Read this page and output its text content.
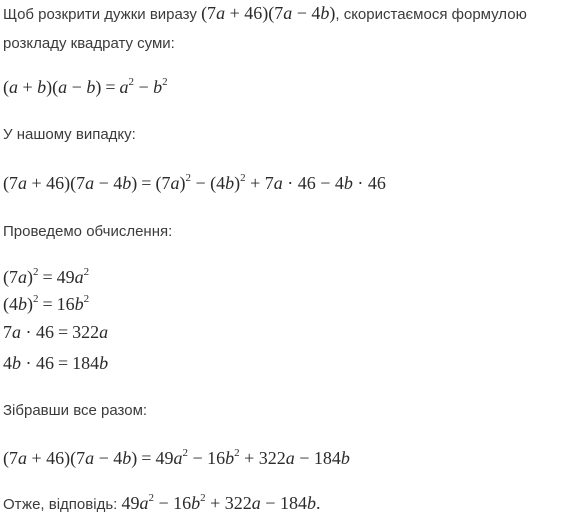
Щоб розкрити дужки виразу (7a + 46)(7a − 4b), скористаємося формулою
розкладу квадрату суми:
$(a + b)(a - b) = a^2 - b^2$
У нашому випадку:
$(7a + 46)(7a - 4b) = (7a)^2 - (4b)^2 + 7a \cdot 46 - 4b \cdot 46$
Проведемо обчислення:
$(7a)^2 = 49a^2$
$(4b)^2 = 16b^2$
7a · 46 = 322a
4b · 46 = 184b
Зібравши все разом:
$(7a + 46)(7a - 4b) = 49a^2 - 16b^2 + 322a - 184b$
Отже, відповідь: $49a^2 - 16b^2 + 322a - 184b$.
